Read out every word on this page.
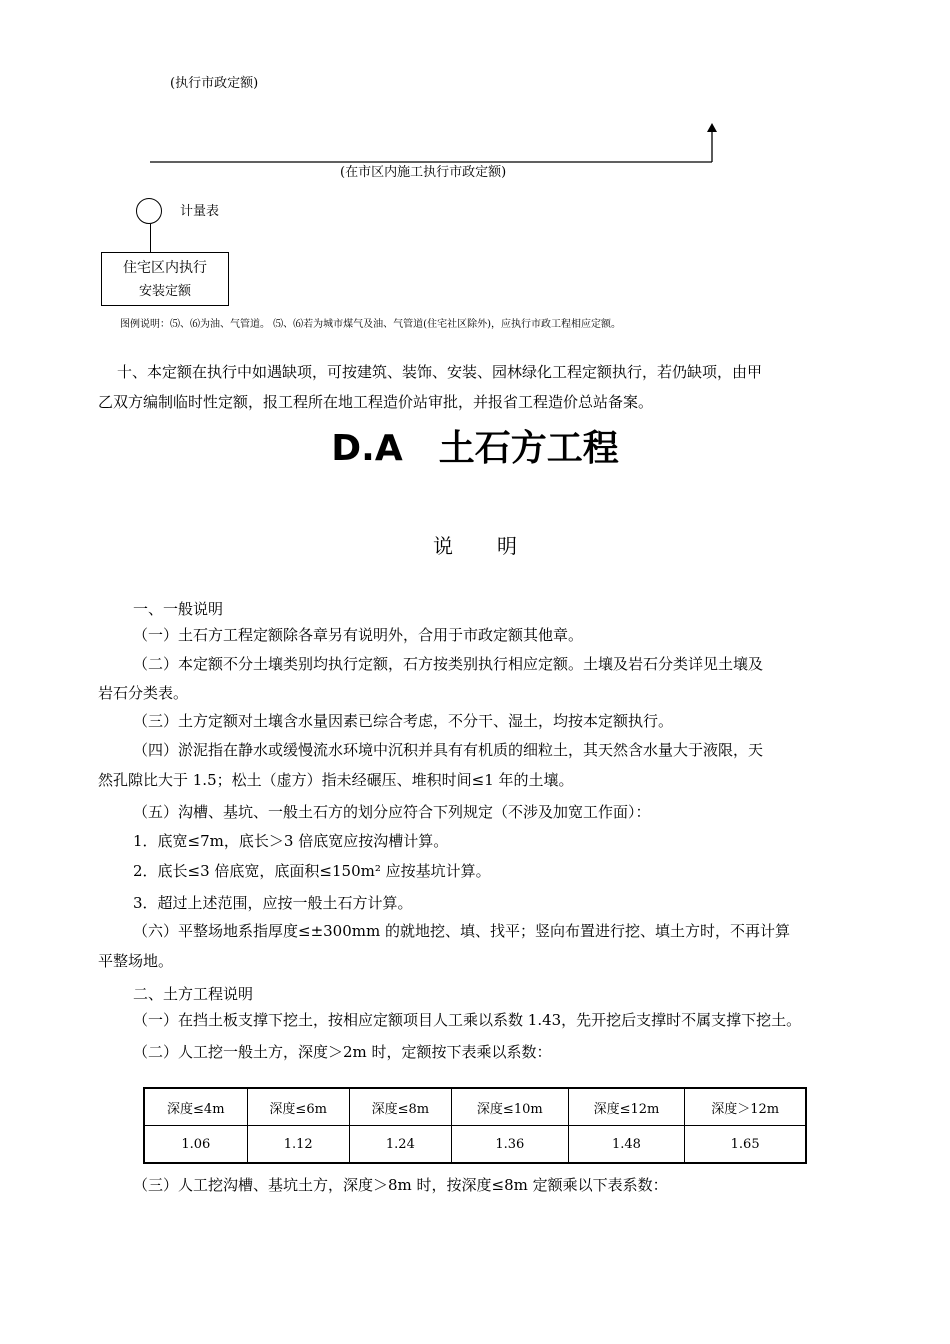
(执行市政定额)
(在市区内施工执行市政定额)
计量表
住宅区内执行
安装定额
图例说明：⑸、⑹为油、气管道。 ⑸、⑹若为城市煤气及油、气管道(住宅社区除外)，应执行市政工程相应定额。
十、本定额在执行中如遇缺项，可按建筑、装饰、安装、园林绿化工程定额执行，若仍缺项，由甲
乙双方编制临时性定额，报工程所在地工程造价站审批，并报省工程造价总站备案。
D.A　土石方工程
说明
一、一般说明
（一）土石方工程定额除各章另有说明外，合用于市政定额其他章。
（二）本定额不分土壤类别均执行定额，石方按类别执行相应定额。土壤及岩石分类详见土壤及
岩石分类表。
（三）土方定额对土壤含水量因素已综合考虑，不分干、湿土，均按本定额执行。
（四）淤泥指在静水或缓慢流水环境中沉积并具有有机质的细粒土，其天然含水量大于液限，天
然孔隙比大于 1.5；松土（虚方）指未经碾压、堆积时间≤1 年的土壤。
（五）沟槽、基坑、一般土石方的划分应符合下列规定（不涉及加宽工作面）：
1．底宽≤7m，底长＞3 倍底宽应按沟槽计算。
2．底长≤3 倍底宽，底面积≤150m² 应按基坑计算。
3．超过上述范围，应按一般土石方计算。
（六）平整场地系指厚度≤±300mm 的就地挖、填、找平；竖向布置进行挖、填土方时，不再计算
平整场地。
二、土方工程说明
（一）在挡土板支撑下挖土，按相应定额项目人工乘以系数 1.43，先开挖后支撑时不属支撑下挖土。
（二）人工挖一般土方，深度＞2m 时，定额按下表乘以系数：
深度≤4m	深度≤6m	深度≤8m	深度≤10m	深度≤12m	深度＞12m
1.06	1.12	1.24	1.36	1.48	1.65
（三）人工挖沟槽、基坑土方，深度＞8m 时，按深度≤8m 定额乘以下表系数：
